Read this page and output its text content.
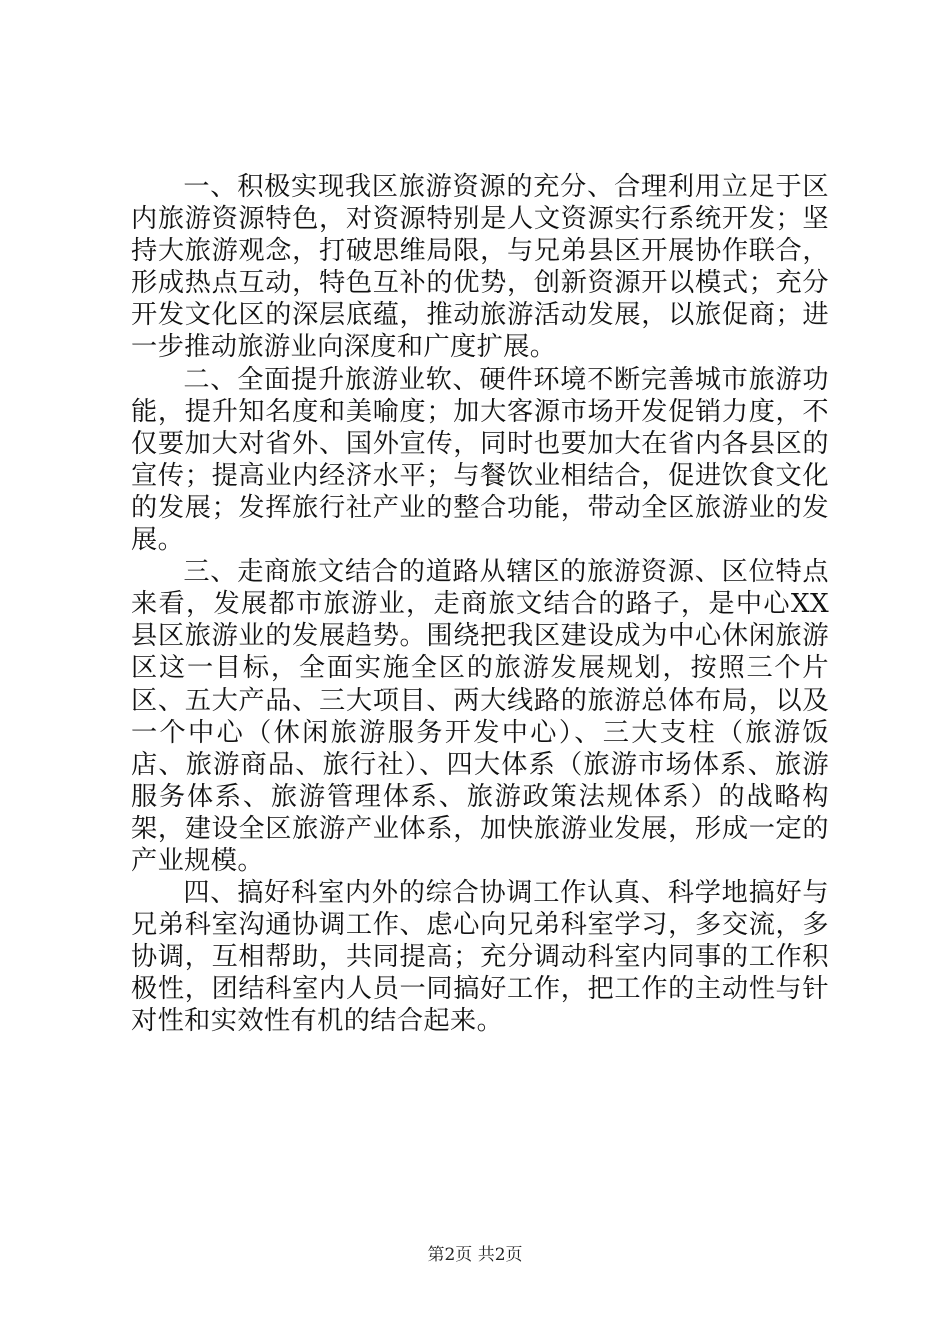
一、积极实现我区旅游资源的充分、合理利用立足于区内旅游资源特色，对资源特别是人文资源实行系统开发；坚持大旅游观念，打破思维局限，与兄弟县区开展协作联合，形成热点互动，特色互补的优势，创新资源开以模式；充分开发文化区的深层底蕴，推动旅游活动发展，以旅促商；进一步推动旅游业向深度和广度扩展。

二、全面提升旅游业软、硬件环境不断完善城市旅游功能，提升知名度和美喻度；加大客源市场开发促销力度，不仅要加大对省外、国外宣传，同时也要加大在省内各县区的宣传；提高业内经济水平；与餐饮业相结合，促进饮食文化的发展；发挥旅行社产业的整合功能，带动全区旅游业的发展。

三、走商旅文结合的道路从辖区的旅游资源、区位特点来看，发展都市旅游业，走商旅文结合的路子，是中心XX县区旅游业的发展趋势。围绕把我区建设成为中心休闲旅游区这一目标，全面实施全区的旅游发展规划，按照三个片区、五大产品、三大项目、两大线路的旅游总体布局，以及一个中心（休闲旅游服务开发中心）、三大支柱（旅游饭店、旅游商品、旅行社）、四大体系（旅游市场体系、旅游服务体系、旅游管理体系、旅游政策法规体系）的战略构架，建设全区旅游产业体系，加快旅游业发展，形成一定的产业规模。

四、搞好科室内外的综合协调工作认真、科学地搞好与兄弟科室沟通协调工作、虑心向兄弟科室学习，多交流，多协调，互相帮助，共同提高；充分调动科室内同事的工作积极性，团结科室内人员一同搞好工作，把工作的主动性与针对性和实效性有机的结合起来。

第2页 共2页
